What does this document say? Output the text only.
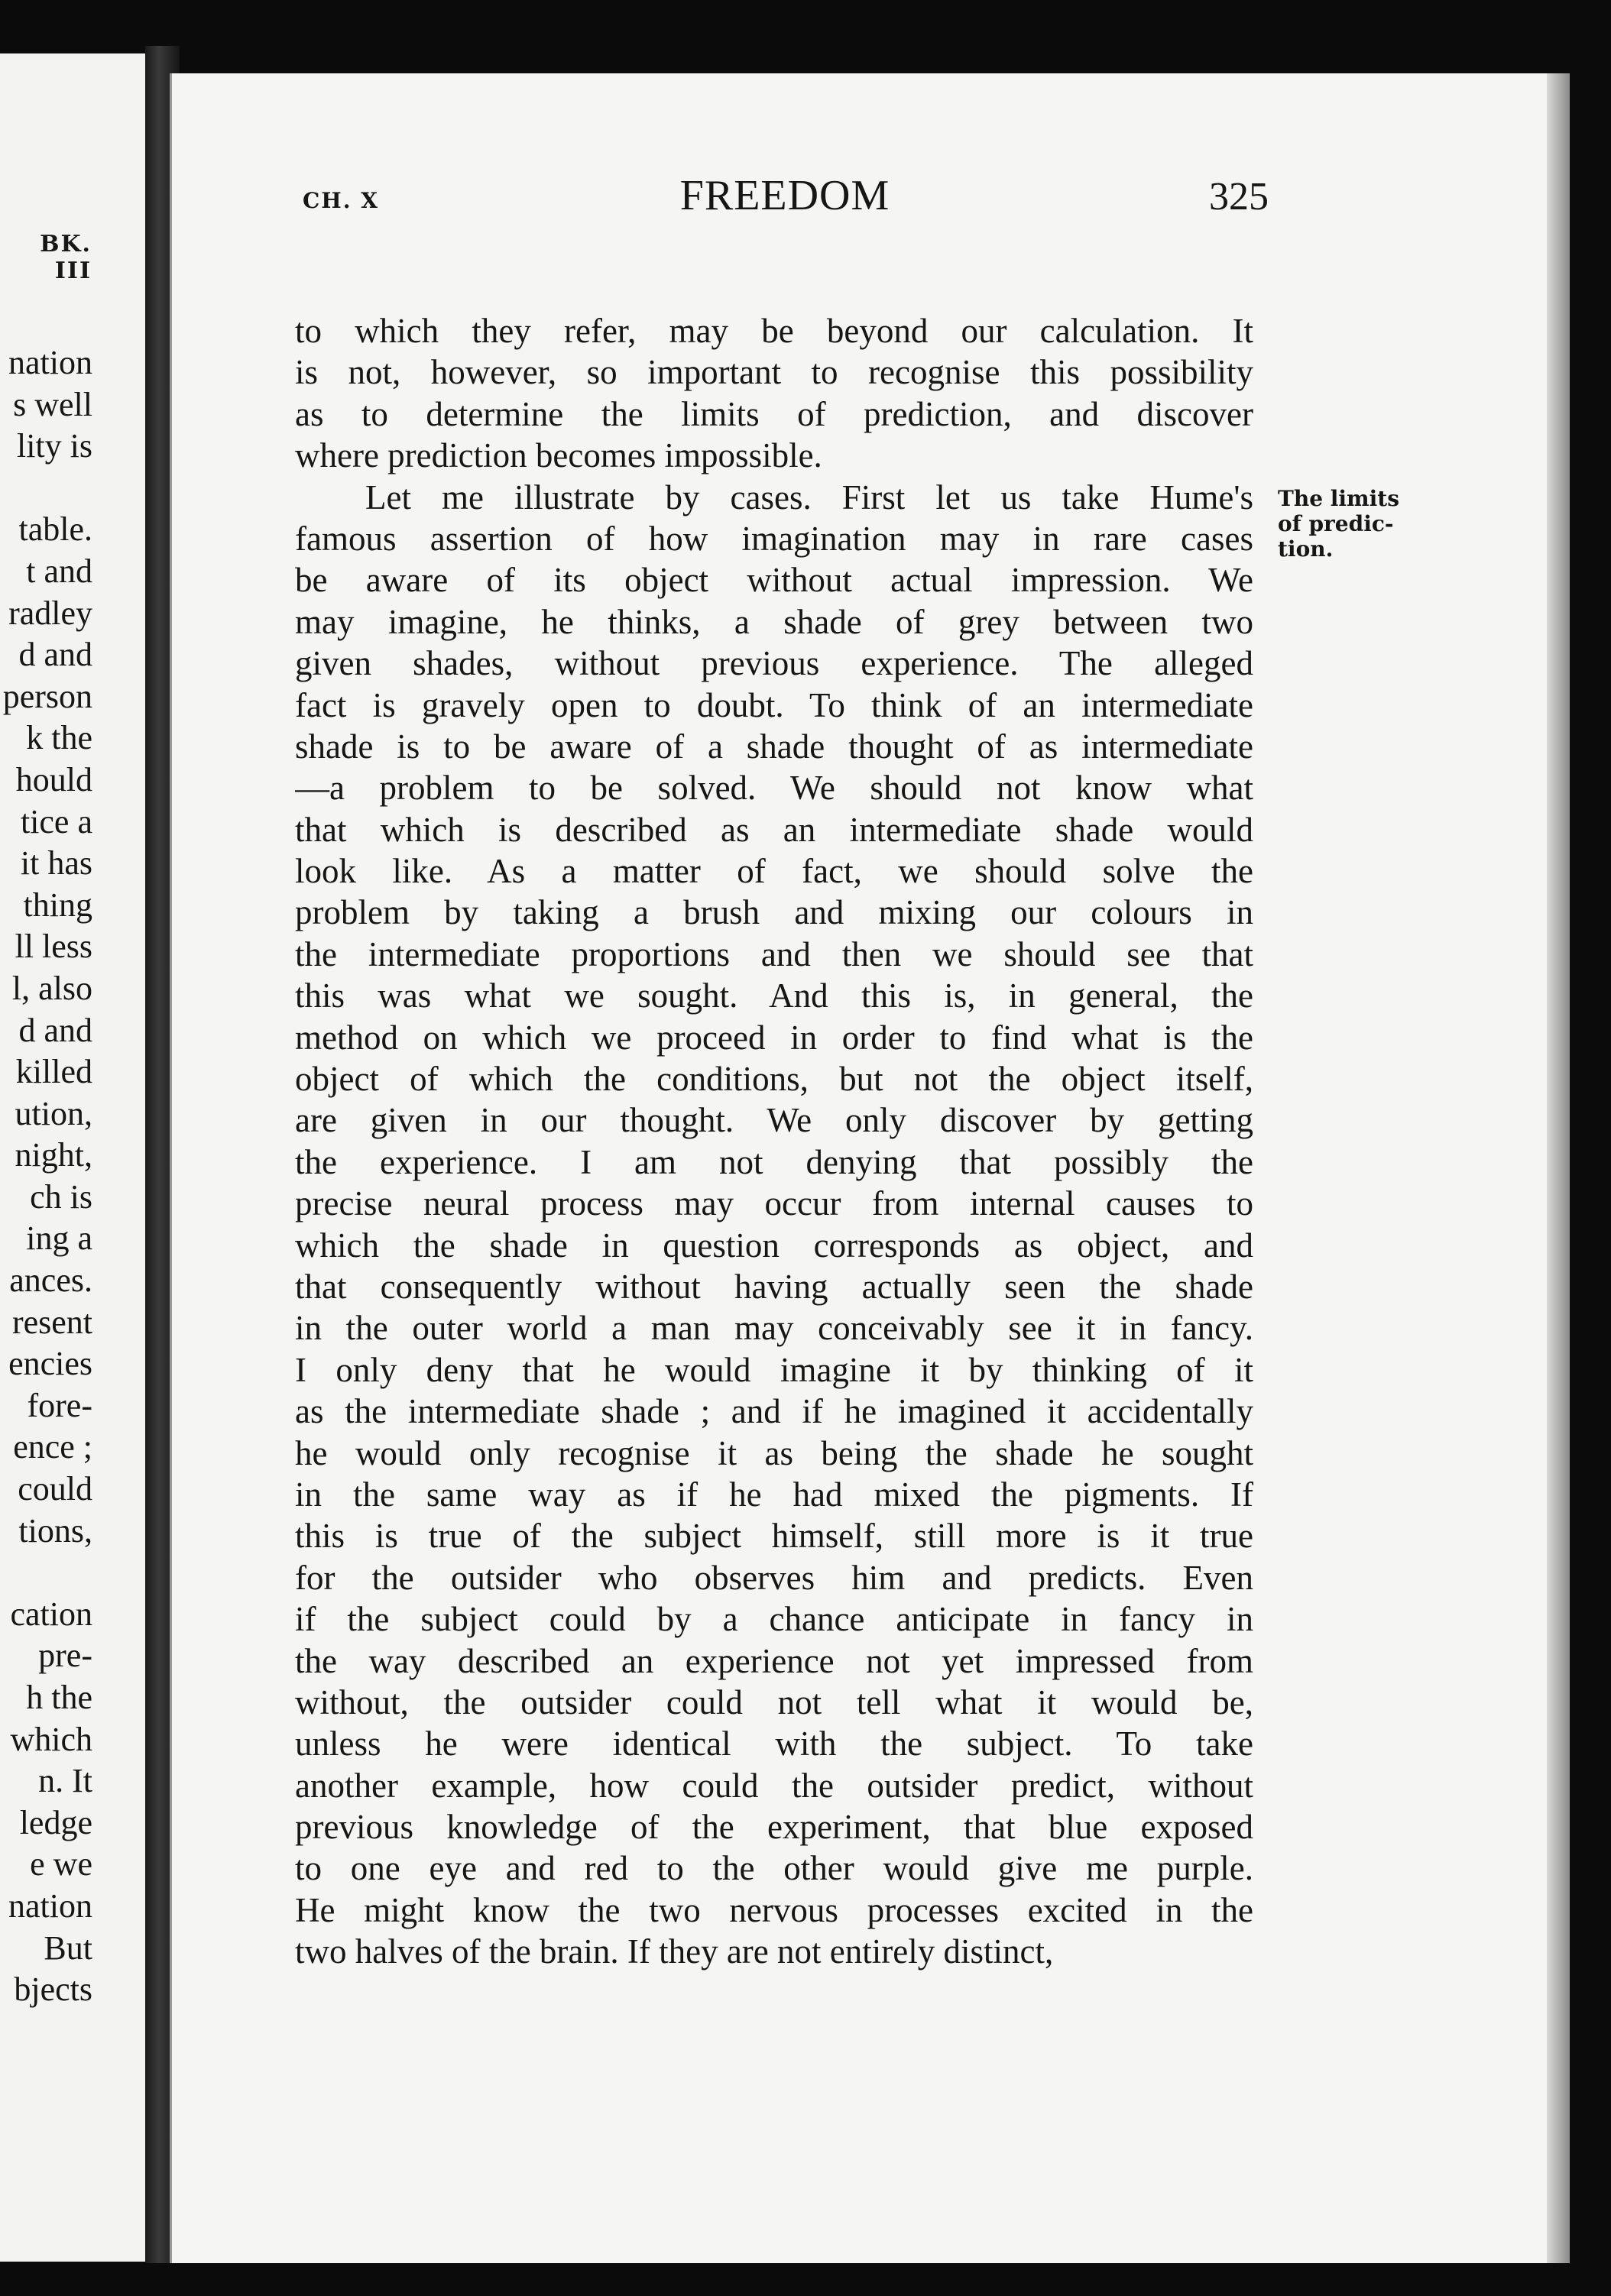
BK. III
nation
s well
lity is
table.
t and
radley
d and
person
k the
hould
tice a
it has
thing
ll less
l, also
d and
killed
ution,
night,
ch is
ing a
ances.
resent
encies
fore-
ence ;
could
tions,
cation
pre-
h the
which
n. It
ledge
e we
nation
But
bjects
CH. X	FREEDOM	325
to which they refer, may be beyond our calculation. It
is not, however, so important to recognise this possibility
as to determine the limits of prediction, and discover
where prediction becomes impossible.
Let me illustrate by cases. First let us take Hume's
famous assertion of how imagination may in rare cases
be aware of its object without actual impression. We
may imagine, he thinks, a shade of grey between two
given shades, without previous experience. The alleged
fact is gravely open to doubt. To think of an intermediate
shade is to be aware of a shade thought of as intermediate
—a problem to be solved. We should not know what
that which is described as an intermediate shade would
look like. As a matter of fact, we should solve the
problem by taking a brush and mixing our colours in
the intermediate proportions and then we should see that
this was what we sought. And this is, in general, the
method on which we proceed in order to find what is the
object of which the conditions, but not the object itself,
are given in our thought. We only discover by getting
the experience. I am not denying that possibly the
precise neural process may occur from internal causes to
which the shade in question corresponds as object, and
that consequently without having actually seen the shade
in the outer world a man may conceivably see it in fancy.
I only deny that he would imagine it by thinking of it
as the intermediate shade ; and if he imagined it accidentally
he would only recognise it as being the shade he sought
in the same way as if he had mixed the pigments. If
this is true of the subject himself, still more is it true
for the outsider who observes him and predicts. Even
if the subject could by a chance anticipate in fancy in
the way described an experience not yet impressed from
without, the outsider could not tell what it would be,
unless he were identical with the subject. To take
another example, how could the outsider predict, without
previous knowledge of the experiment, that blue exposed
to one eye and red to the other would give me purple.
He might know the two nervous processes excited in the
two halves of the brain. If they are not entirely distinct,
The limits
of predic-
tion.
